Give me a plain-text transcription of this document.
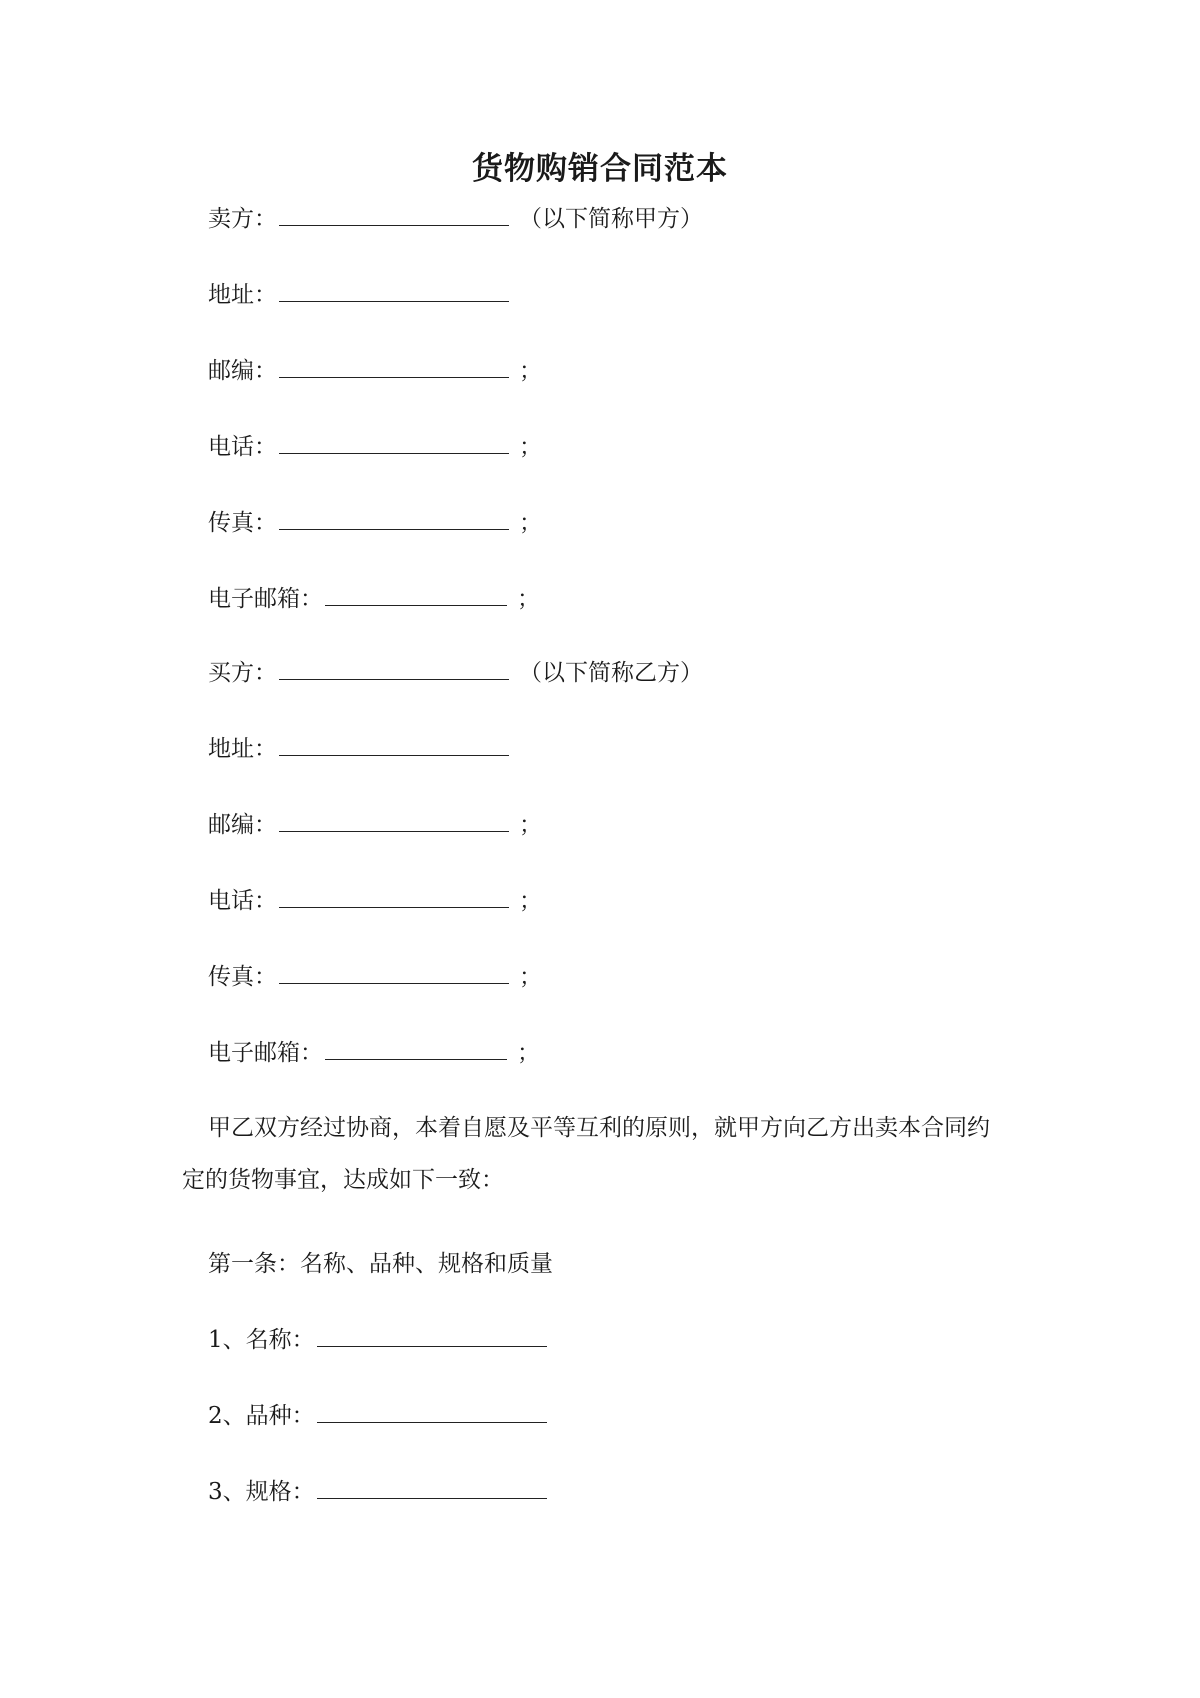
货物购销合同范本
卖方：	（以下简称甲方）
地址：
邮编：	；
电话：	；
传真：	；
电子邮箱：	；
买方：	（以下简称乙方）
地址：
邮编：	；
电话：	；
传真：	；
电子邮箱：	；
甲乙双方经过协商，本着自愿及平等互利的原则，就甲方向乙方出卖本合同约定的货物事宜，达成如下一致：
第一条：名称、品种、规格和质量
1、名称：
2、品种：
3、规格：
